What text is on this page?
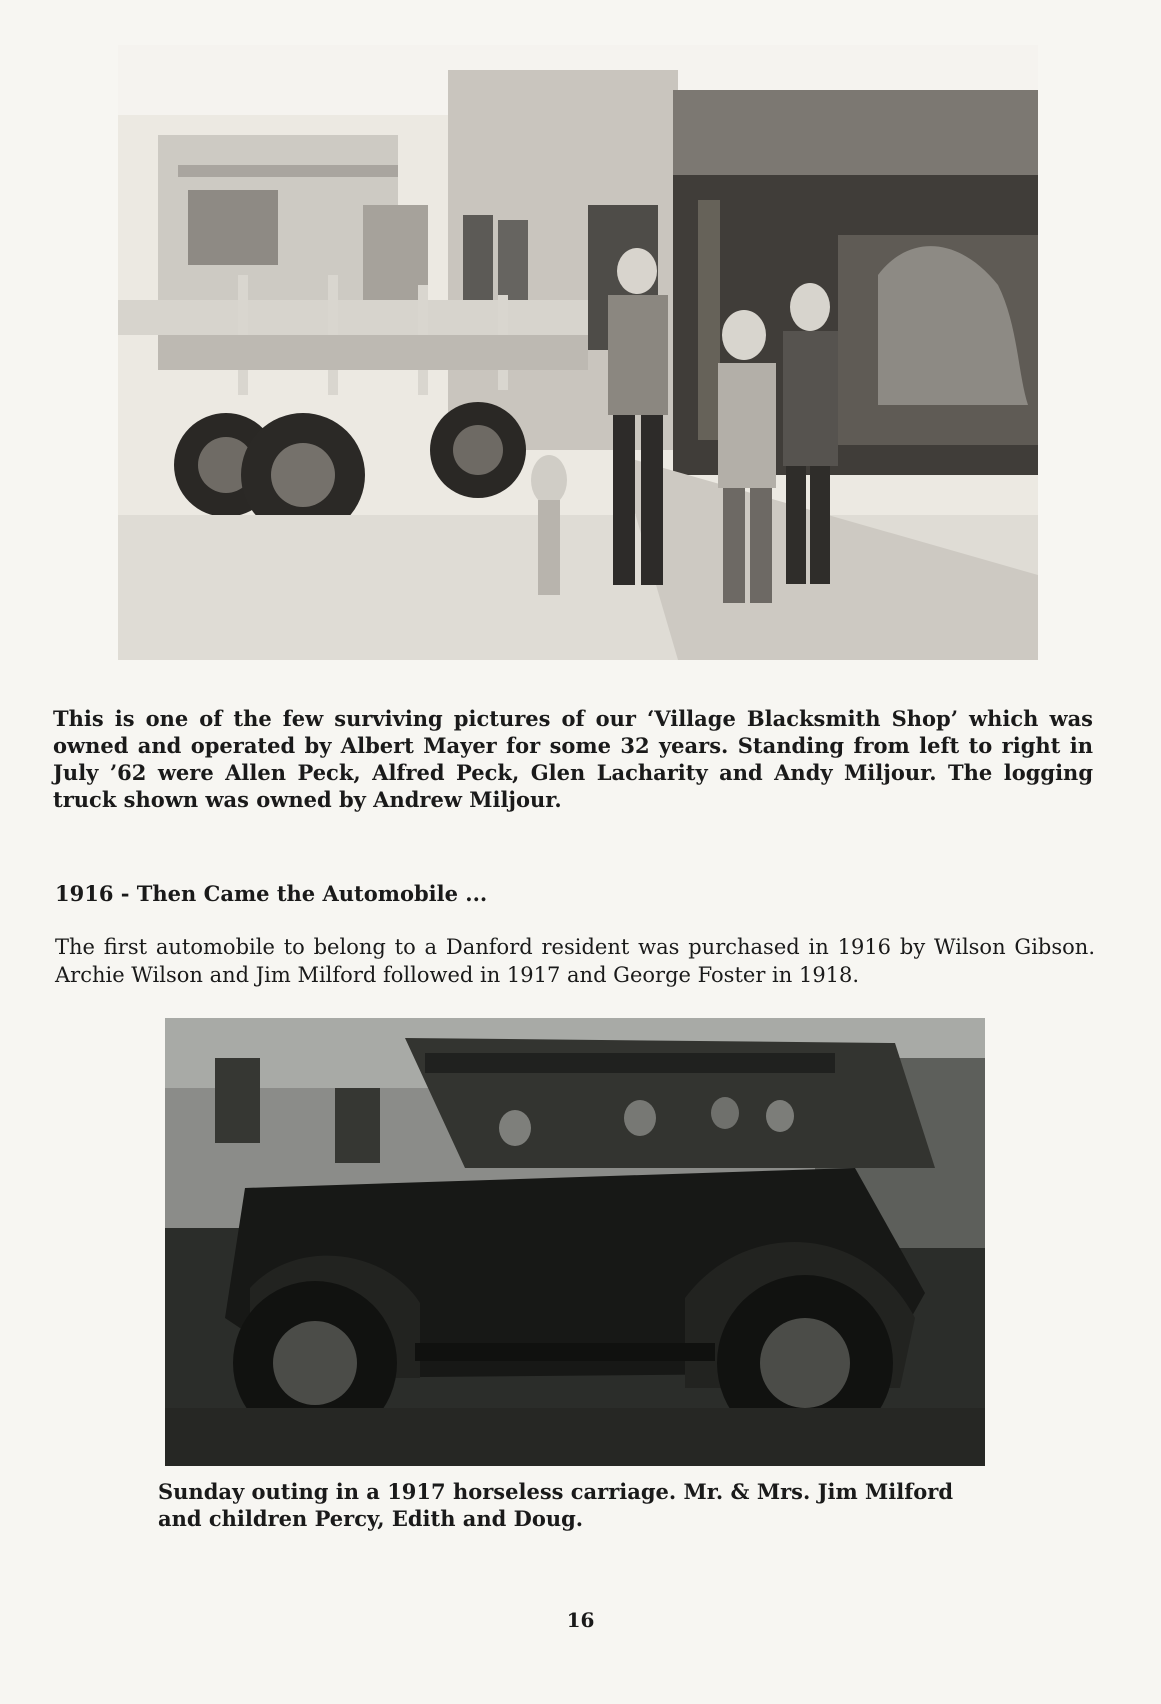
This is one of the few surviving pictures of our ‘Village Blacksmith Shop’ which was owned and operated by Albert Mayer for some 32 years. Standing from left to right in July ’62 were Allen Peck, Alfred Peck, Glen Lacharity and Andy Miljour. The logging truck shown was owned by Andrew Miljour.
1916 - Then Came the Automobile ...
The first automobile to belong to a Danford resident was purchased in 1916 by Wilson Gibson. Archie Wilson and Jim Milford followed in 1917 and George Foster in 1918.
Sunday outing in a 1917 horseless carriage. Mr. & Mrs. Jim Milford and children Percy, Edith and Doug.
16
